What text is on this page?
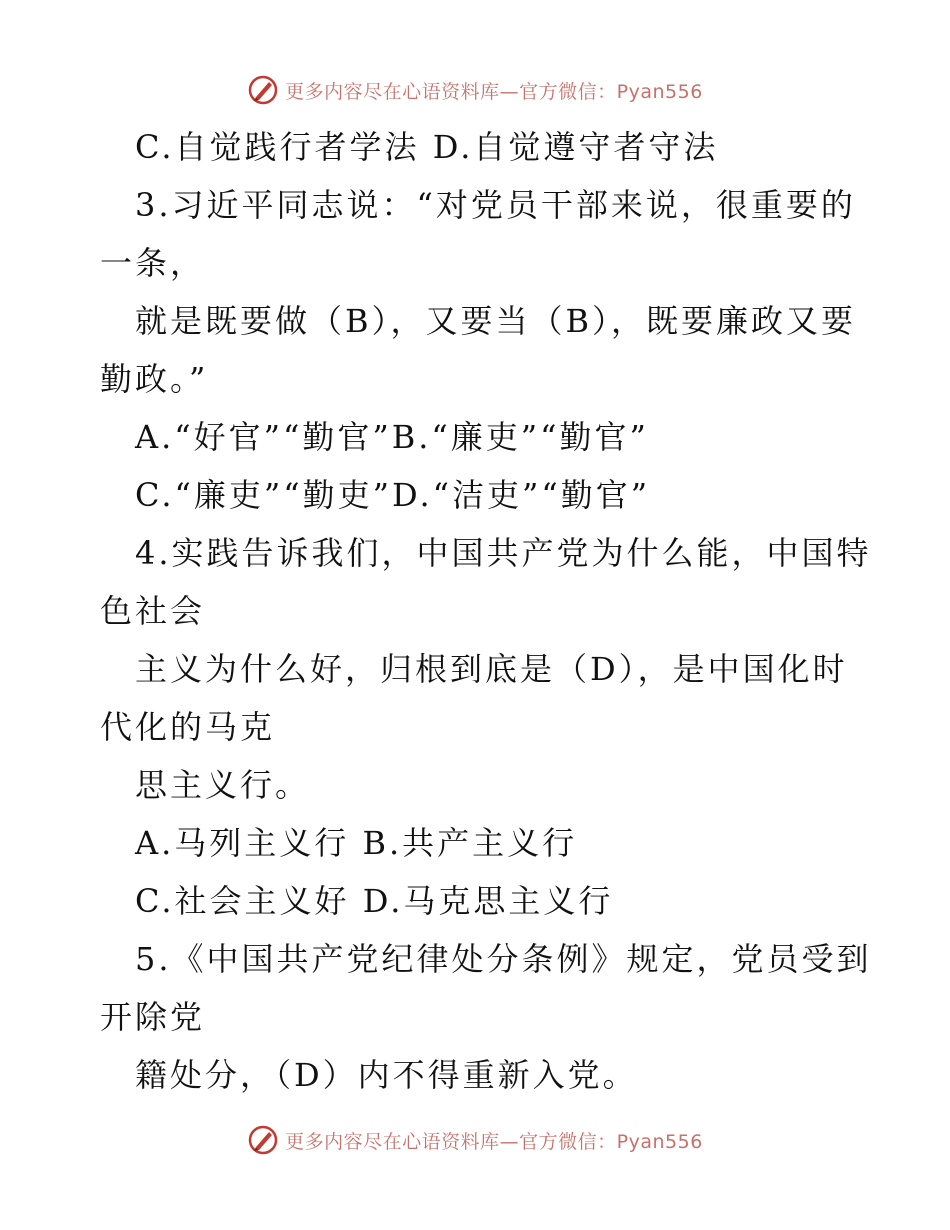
更多内容尽在心语资料库—官方微信：Pyan556
C.自觉践行者学法 D.自觉遵守者守法
3.习近平同志说：“对党员干部来说，很重要的
一条，
就是既要做（B），又要当（B），既要廉政又要
勤政。”
A.“好官”“勤官”B.“廉吏”“勤官”
C.“廉吏”“勤吏”D.“洁吏”“勤官”
4.实践告诉我们，中国共产党为什么能，中国特
色社会
主义为什么好，归根到底是（D），是中国化时
代化的马克
思主义行。
A.马列主义行 B.共产主义行
C.社会主义好 D.马克思主义行
5.《中国共产党纪律处分条例》规定，党员受到
开除党
籍处分，（D）内不得重新入党。
更多内容尽在心语资料库—官方微信：Pyan556
